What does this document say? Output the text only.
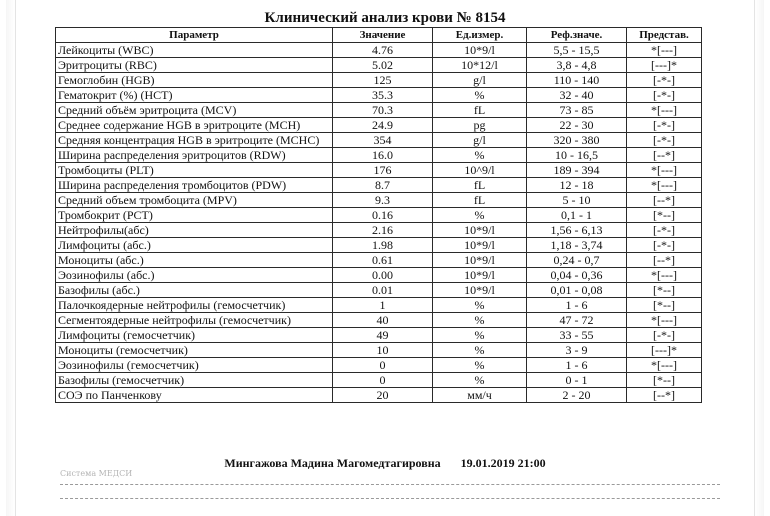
Клинический анализ крови № 8154
Параметр	Значение	Ед.измер.	Реф.значе.	Представ.
Лейкоциты (WBC)	4.76	10*9/l	5,5 - 15,5	*[---]
Эритроциты (RBC)	5.02	10*12/l	3,8 - 4,8	[---]*
Гемоглобин (HGB)	125	g/l	110 - 140	[-*-]
Гематокрит (%) (HCT)	35.3	%	32 - 40	[-*-]
Средний объём эритроцита (MCV)	70.3	fL	73 - 85	*[---]
Среднее содержание HGB в эритроците (MCH)	24.9	pg	22 - 30	[-*-]
Средняя концентрация HGB в эритроците (MCHC)	354	g/l	320 - 380	[-*-]
Ширина распределения эритроцитов (RDW)	16.0	%	10 - 16,5	[--*]
Тромбоциты (PLT)	176	10^9/l	189 - 394	*[---]
Ширина распределения тромбоцитов (PDW)	8.7	fL	12 - 18	*[---]
Средний объем тромбоцита (MPV)	9.3	fL	5 - 10	[--*]
Тромбокрит (PCT)	0.16	%	0,1 - 1	[*--]
Нейтрофилы(абс)	2.16	10*9/l	1,56 - 6,13	[-*-]
Лимфоциты (абс.)	1.98	10*9/l	1,18 - 3,74	[-*-]
Моноциты (абс.)	0.61	10*9/l	0,24 - 0,7	[--*]
Эозинофилы (абс.)	0.00	10*9/l	0,04 - 0,36	*[---]
Базофилы (абс.)	0.01	10*9/l	0,01 - 0,08	[*--]
Палочкоядерные нейтрофилы (гемосчетчик)	1	%	1 - 6	[*--]
Сегментоядерные нейтрофилы (гемосчетчик)	40	%	47 - 72	*[---]
Лимфоциты (гемосчетчик)	49	%	33 - 55	[-*-]
Моноциты (гемосчетчик)	10	%	3 - 9	[---]*
Эозинофилы (гемосчетчик)	0	%	1 - 6	*[---]
Базофилы (гемосчетчик)	0	%	0 - 1	[*--]
СОЭ по Панченкову	20	мм/ч	2 - 20	[--*]
Мингажова Мадина Магомедтагировна 19.01.2019 21:00
Система МЕДСИ
